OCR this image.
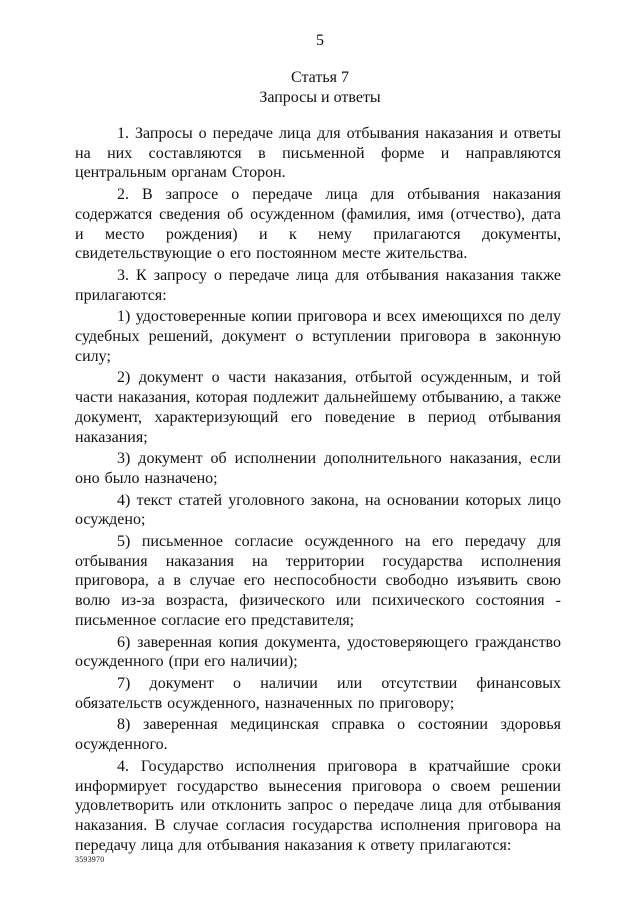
5
Статья 7
Запросы и ответы

1. Запросы о передаче лица для отбывания наказания и ответы на них составляются в письменной форме и направляются центральным органам Сторон.

2. В запросе о передаче лица для отбывания наказания содержатся сведения об осужденном (фамилия, имя (отчество), дата и место рождения) и к нему прилагаются документы, свидетельствующие о его постоянном месте жительства.

3. К запросу о передаче лица для отбывания наказания также прилагаются:

1) удостоверенные копии приговора и всех имеющихся по делу судебных решений, документ о вступлении приговора в законную силу;

2) документ о части наказания, отбытой осужденным, и той части наказания, которая подлежит дальнейшему отбыванию, а также документ, характеризующий его поведение в период отбывания наказания;

3) документ об исполнении дополнительного наказания, если оно было назначено;

4) текст статей уголовного закона, на основании которых лицо осуждено;

5) письменное согласие осужденного на его передачу для отбывания наказания на территории государства исполнения приговора, а в случае его неспособности свободно изъявить свою волю из-за возраста, физического или психического состояния - письменное согласие его представителя;

6) заверенная копия документа, удостоверяющего гражданство осужденного (при его наличии);

7) документ о наличии или отсутствии финансовых обязательств осужденного, назначенных по приговору;

8) заверенная медицинская справка о состоянии здоровья осужденного.

4. Государство исполнения приговора в кратчайшие сроки информирует государство вынесения приговора о своем решении удовлетворить или отклонить запрос о передаче лица для отбывания наказания. В случае согласия государства исполнения приговора на передачу лица для отбывания наказания к ответу прилагаются:

3593970
